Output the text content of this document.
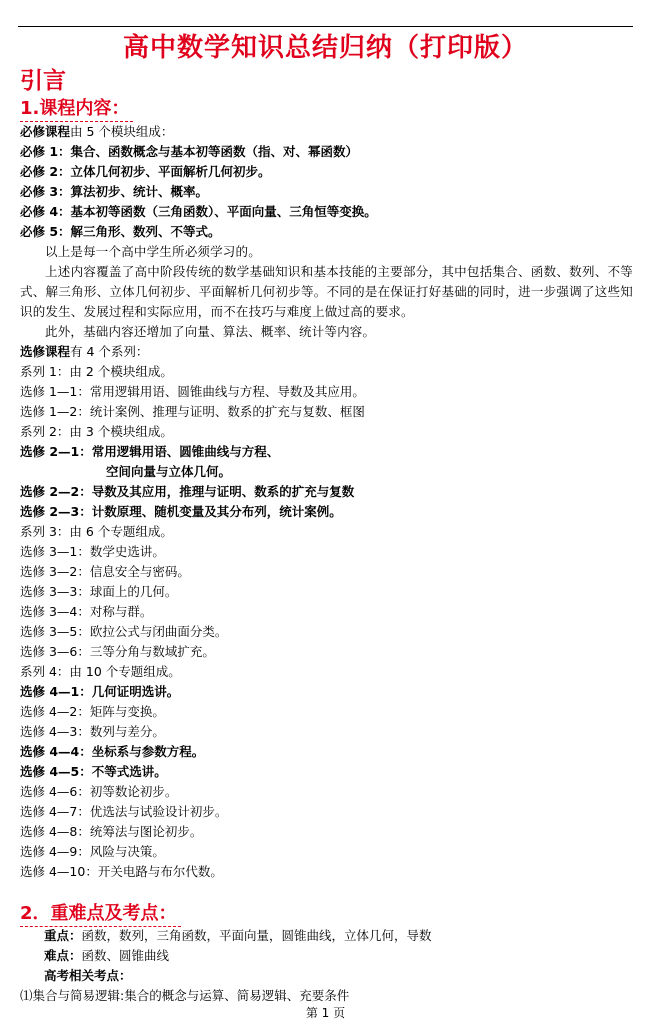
高中数学知识总结归纳（打印版）
引言
1.课程内容：

必修课程由 5 个模块组成：

必修 1：集合、函数概念与基本初等函数（指、对、幂函数）

必修 2：立体几何初步、平面解析几何初步。

必修 3：算法初步、统计、概率。

必修 4：基本初等函数（三角函数）、平面向量、三角恒等变换。

必修 5：解三角形、数列、不等式。

以上是每一个高中学生所必须学习的。

上述内容覆盖了高中阶段传统的数学基础知识和基本技能的主要部分，其中包括集合、函数、数列、不等式、解三角形、立体几何初步、平面解析几何初步等。不同的是在保证打好基础的同时，进一步强调了这些知识的发生、发展过程和实际应用，而不在技巧与难度上做过高的要求。

此外，基础内容还增加了向量、算法、概率、统计等内容。

选修课程有 4 个系列：

系列 1：由 2 个模块组成。

选修 1—1：常用逻辑用语、圆锥曲线与方程、导数及其应用。

选修 1—2：统计案例、推理与证明、数系的扩充与复数、框图

系列 2：由 3 个模块组成。

选修 2—1：常用逻辑用语、圆锥曲线与方程、

空间向量与立体几何。

选修 2—2：导数及其应用，推理与证明、数系的扩充与复数

选修 2—3：计数原理、随机变量及其分布列，统计案例。

系列 3：由 6 个专题组成。

选修 3—1：数学史选讲。

选修 3—2：信息安全与密码。

选修 3—3：球面上的几何。

选修 3—4：对称与群。

选修 3—5：欧拉公式与闭曲面分类。

选修 3—6：三等分角与数域扩充。

系列 4：由 10 个专题组成。

选修 4—1：几何证明选讲。

选修 4—2：矩阵与变换。

选修 4—3：数列与差分。

选修 4—4：坐标系与参数方程。

选修 4—5：不等式选讲。

选修 4—6：初等数论初步。

选修 4—7：优选法与试验设计初步。

选修 4—8：统筹法与图论初步。

选修 4—9：风险与决策。

选修 4—10：开关电路与布尔代数。

2．重难点及考点：

重点：函数，数列，三角函数，平面向量，圆锥曲线，立体几何，导数

难点：函数、圆锥曲线

高考相关考点：

⑴集合与简易逻辑:集合的概念与运算、简易逻辑、充要条件

第 1 页
